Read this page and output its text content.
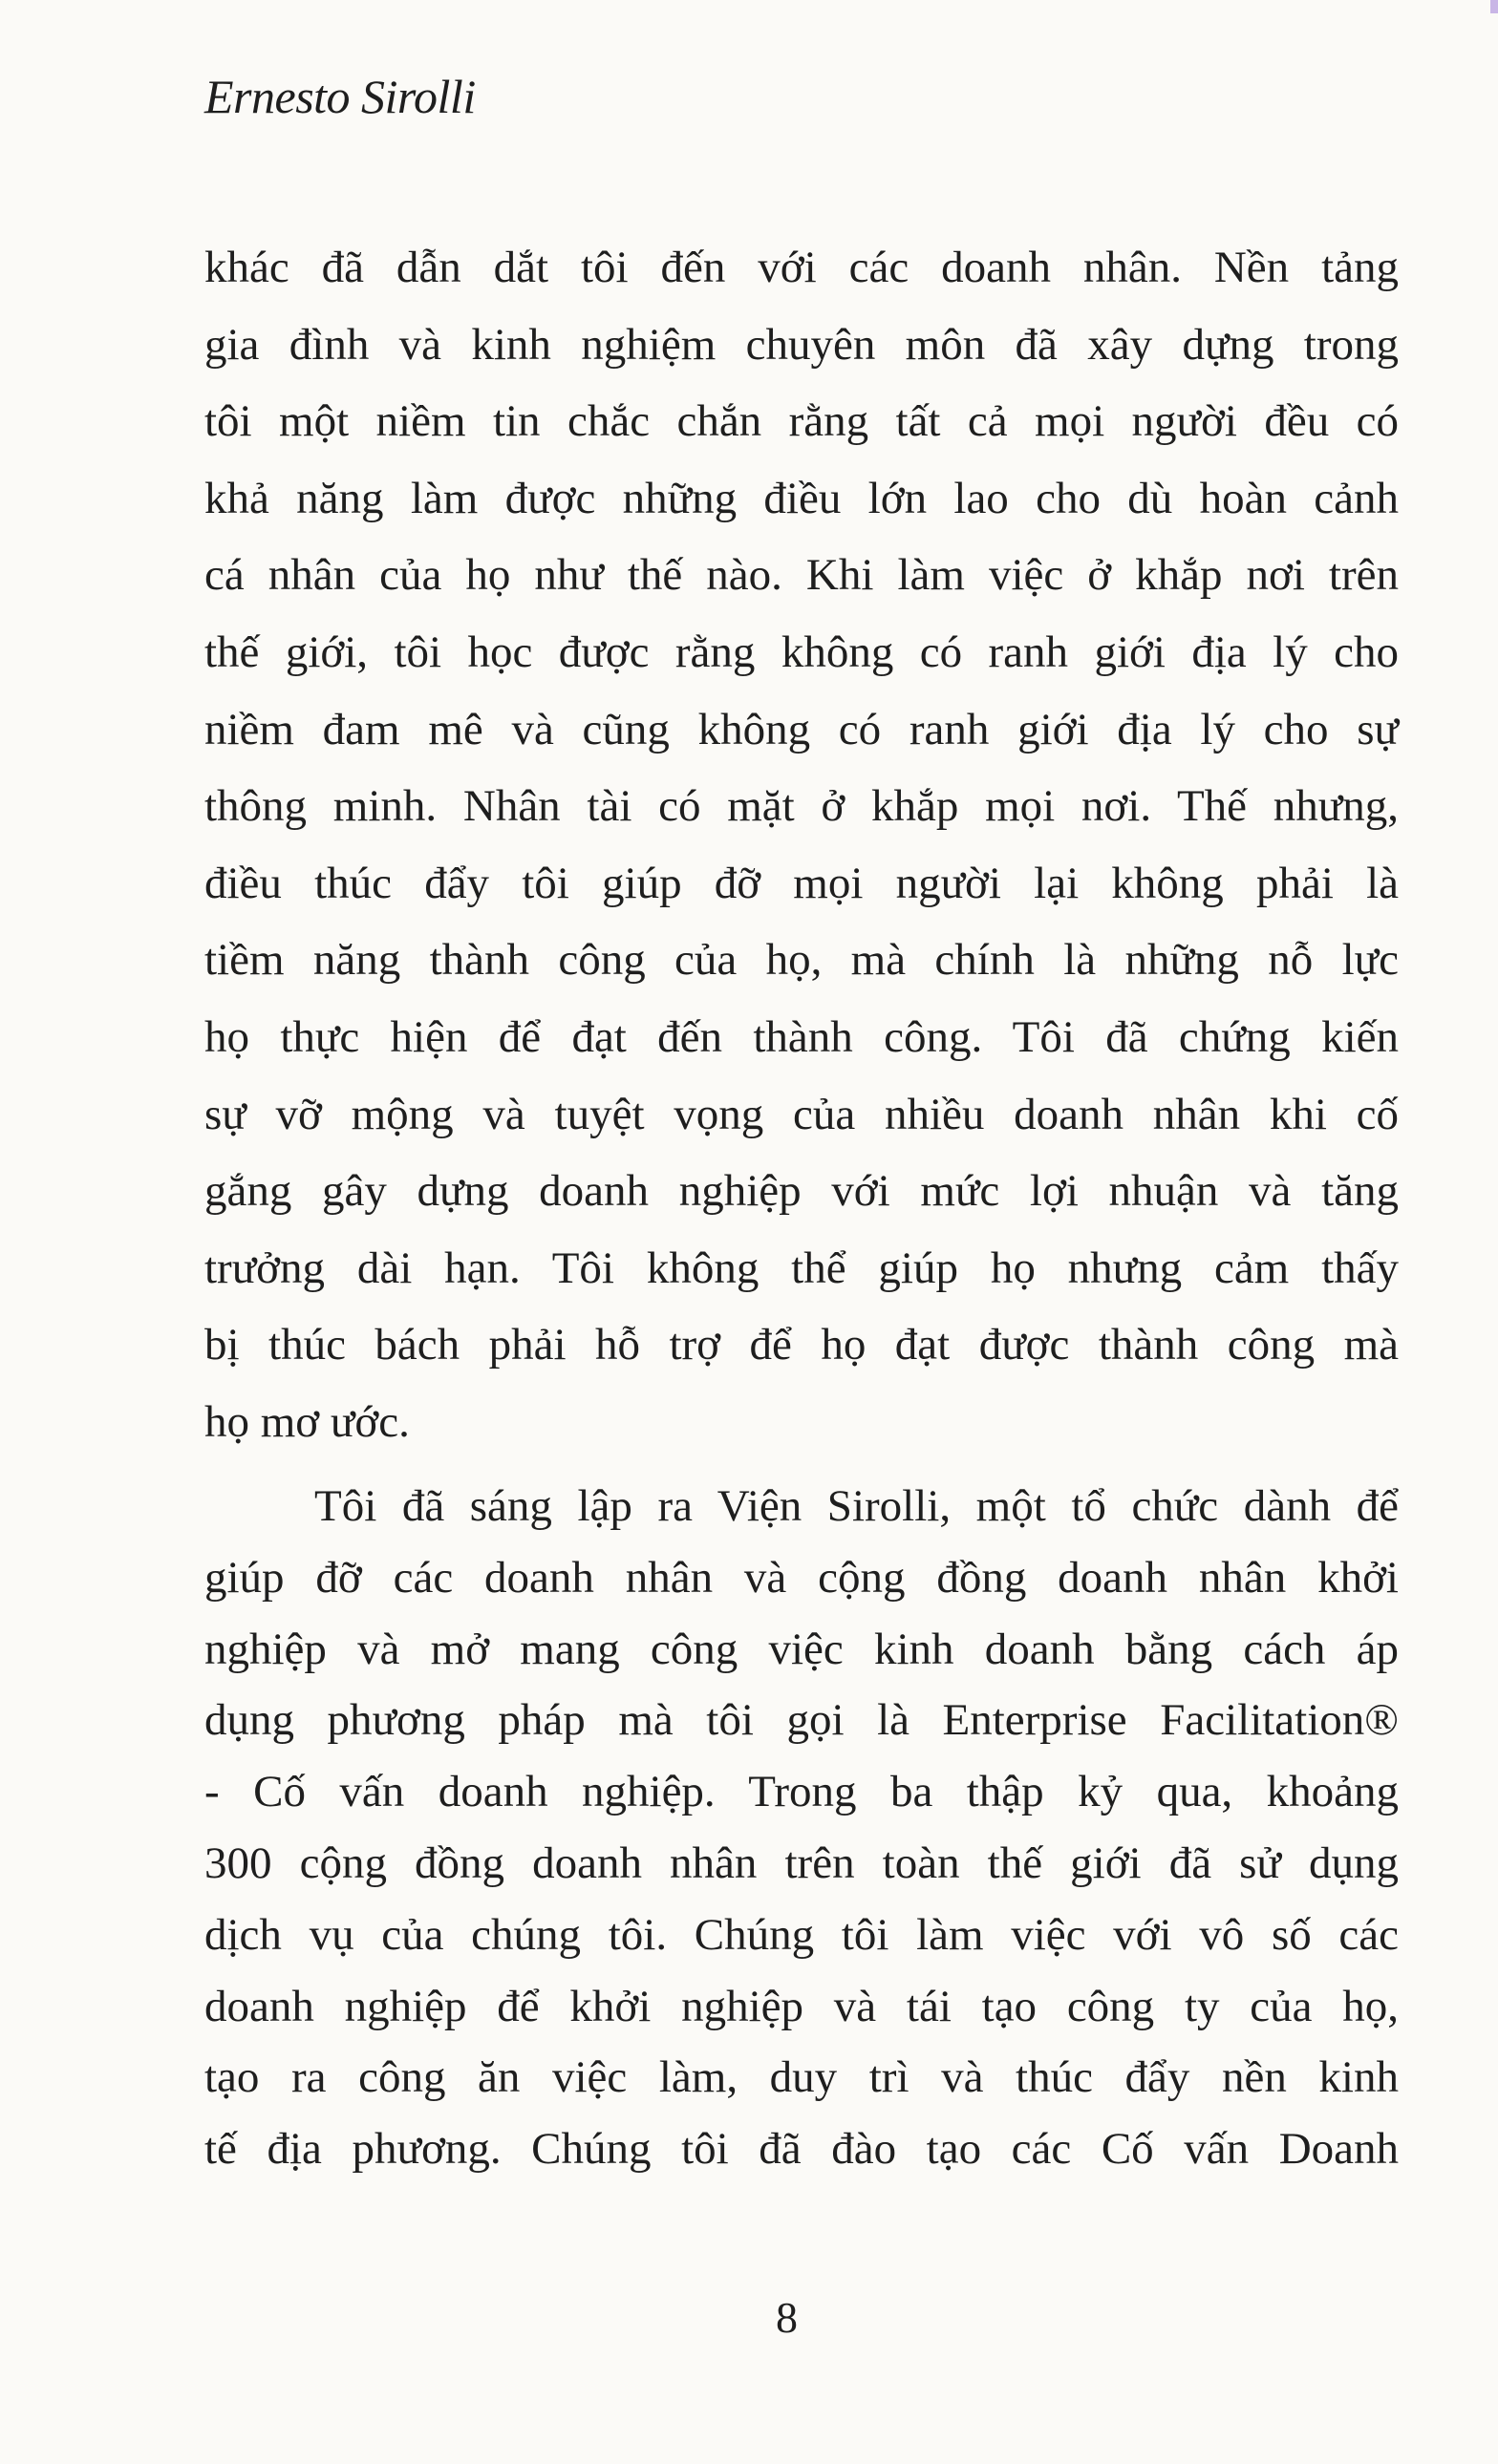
Ernesto Sirolli
khác đã dẫn dắt tôi đến với các doanh nhân. Nền tảng
gia đình và kinh nghiệm chuyên môn đã xây dựng trong
tôi một niềm tin chắc chắn rằng tất cả mọi người đều có
khả năng làm được những điều lớn lao cho dù hoàn cảnh
cá nhân của họ như thế nào. Khi làm việc ở khắp nơi trên
thế giới, tôi học được rằng không có ranh giới địa lý cho
niềm đam mê và cũng không có ranh giới địa lý cho sự
thông minh. Nhân tài có mặt ở khắp mọi nơi. Thế nhưng,
điều thúc đẩy tôi giúp đỡ mọi người lại không phải là
tiềm năng thành công của họ, mà chính là những nỗ lực
họ thực hiện để đạt đến thành công. Tôi đã chứng kiến
sự vỡ mộng và tuyệt vọng của nhiều doanh nhân khi cố
gắng gây dựng doanh nghiệp với mức lợi nhuận và tăng
trưởng dài hạn. Tôi không thể giúp họ nhưng cảm thấy
bị thúc bách phải hỗ trợ để họ đạt được thành công mà
họ mơ ước.
Tôi đã sáng lập ra Viện Sirolli, một tổ chức dành để
giúp đỡ các doanh nhân và cộng đồng doanh nhân khởi
nghiệp và mở mang công việc kinh doanh bằng cách áp
dụng phương pháp mà tôi gọi là Enterprise Facilitation®
- Cố vấn doanh nghiệp. Trong ba thập kỷ qua, khoảng
300 cộng đồng doanh nhân trên toàn thế giới đã sử dụng
dịch vụ của chúng tôi. Chúng tôi làm việc với vô số các
doanh nghiệp để khởi nghiệp và tái tạo công ty của họ,
tạo ra công ăn việc làm, duy trì và thúc đẩy nền kinh
tế địa phương. Chúng tôi đã đào tạo các Cố vấn Doanh
8
